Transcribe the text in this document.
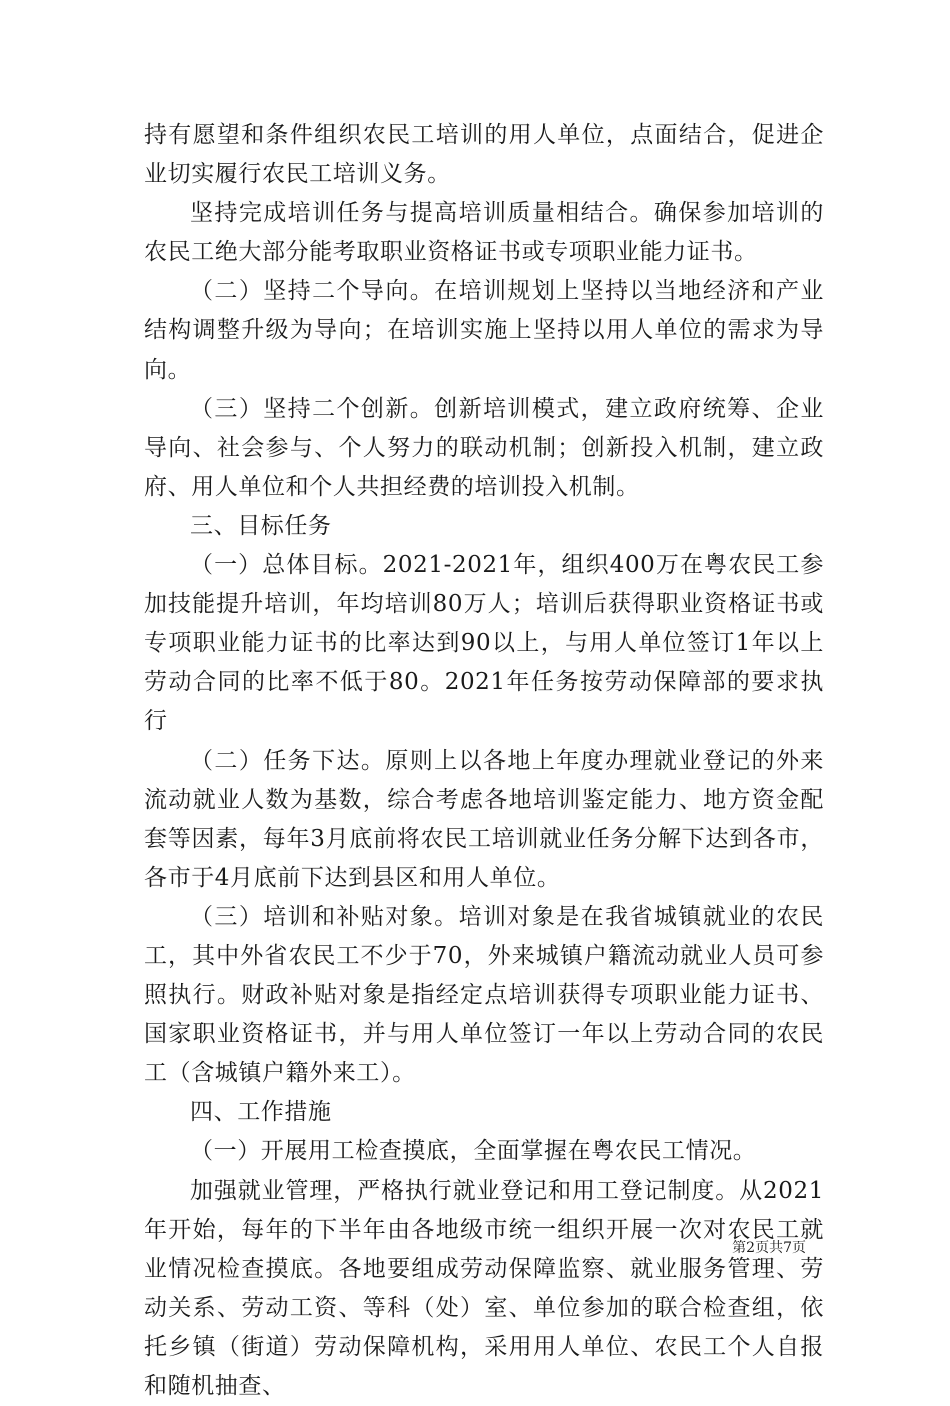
持有愿望和条件组织农民工培训的用人单位，点面结合，促进企业切实履行农民工培训义务。

坚持完成培训任务与提高培训质量相结合。确保参加培训的农民工绝大部分能考取职业资格证书或专项职业能力证书。

（二）坚持二个导向。在培训规划上坚持以当地经济和产业结构调整升级为导向；在培训实施上坚持以用人单位的需求为导向。

（三）坚持二个创新。创新培训模式，建立政府统筹、企业导向、社会参与、个人努力的联动机制；创新投入机制，建立政府、用人单位和个人共担经费的培训投入机制。

三、目标任务

（一）总体目标。2021-2021年，组织400万在粤农民工参加技能提升培训，年均培训80万人；培训后获得职业资格证书或专项职业能力证书的比率达到90以上，与用人单位签订1年以上劳动合同的比率不低于80。2021年任务按劳动保障部的要求执行

（二）任务下达。原则上以各地上年度办理就业登记的外来流动就业人数为基数，综合考虑各地培训鉴定能力、地方资金配套等因素，每年3月底前将农民工培训就业任务分解下达到各市，各市于4月底前下达到县区和用人单位。

（三）培训和补贴对象。培训对象是在我省城镇就业的农民工，其中外省农民工不少于70，外来城镇户籍流动就业人员可参照执行。财政补贴对象是指经定点培训获得专项职业能力证书、国家职业资格证书，并与用人单位签订一年以上劳动合同的农民工（含城镇户籍外来工）。

四、工作措施

（一）开展用工检查摸底，全面掌握在粤农民工情况。

加强就业管理，严格执行就业登记和用工登记制度。从2021年开始，每年的下半年由各地级市统一组织开展一次对农民工就业情况检查摸底。各地要组成劳动保障监察、就业服务管理、劳动关系、劳动工资、等科（处）室、单位参加的联合检查组，依托乡镇（街道）劳动保障机构，采用用人单位、农民工个人自报和随机抽查、

第2页共7页
